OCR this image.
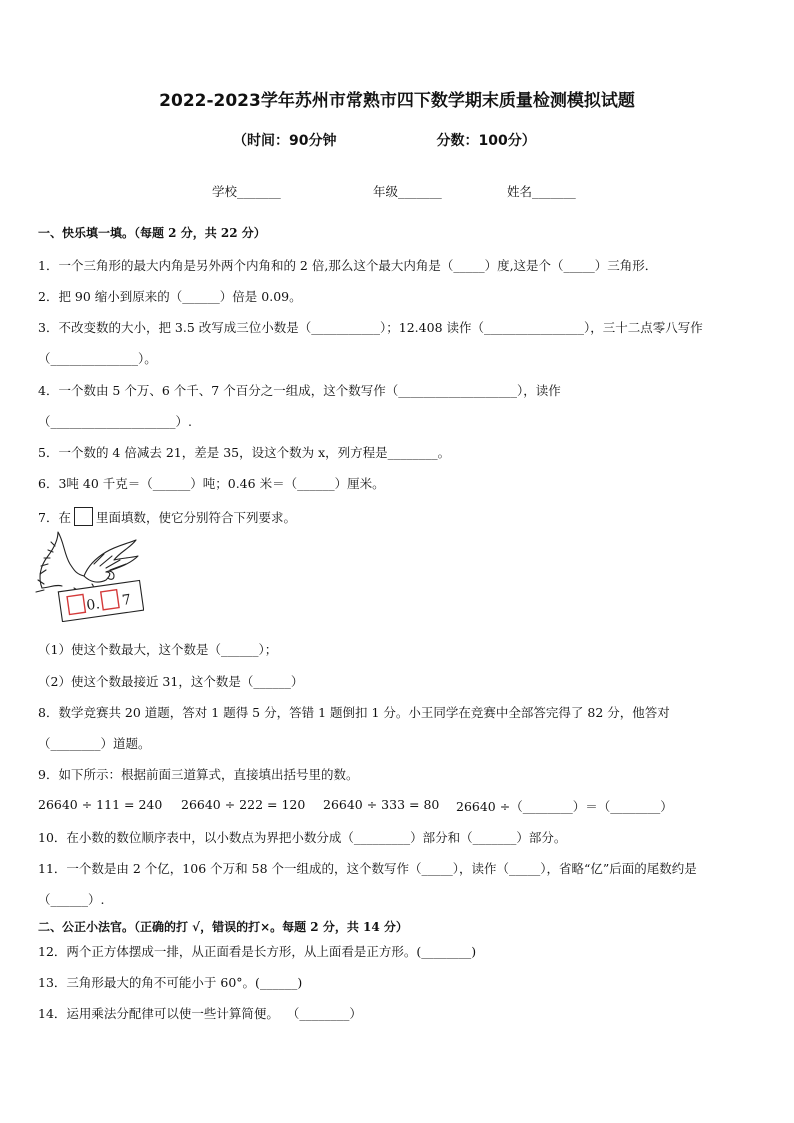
2022-2023学年苏州市常熟市四下数学期末质量检测模拟试题
（时间：90分钟	分数：100分）
学校_______	年级_______	姓名_______
一、快乐填一填。（每题 2 分，共 22 分）
1．一个三角形的最大内角是另外两个内角和的 2 倍,那么这个最大内角是（_____）度,这是个（_____）三角形．
2．把 90 缩小到原来的（______）倍是 0.09。
3．不改变数的大小，把 3.5 改写成三位小数是（___________）；12.408 读作（________________），三十二点零八写作
（______________）。
4．一个数由 5 个万、6 个千、7 个百分之一组成，这个数写作（___________________），读作
（____________________）.
5．一个数的 4 倍减去 21，差是 35，设这个数为 x，列方程是________。
6．3吨 40 千克＝（______）吨；0.46 米＝（______）厘米。
7．在 里面填数，使它分别符合下列要求。
0. 7
（1）使这个数最大，这个数是（______）；
（2）使这个数最接近 31，这个数是（______）
8．数学竞赛共 20 道题，答对 1 题得 5 分，答错 1 题倒扣 1 分。小王同学在竞赛中全部答完得了 82 分，他答对
（________）道题。
9．如下所示：根据前面三道算式，直接填出括号里的数。
26640 ÷ 111 = 240 26640 ÷ 222 = 120 26640 ÷ 333 = 80 26640 ÷（________）＝（________）
10．在小数的数位顺序表中，以小数点为界把小数分成（_________）部分和（_______）部分。
11．一个数是由 2 个亿，106 个万和 58 个一组成的，这个数写作（_____），读作（_____），省略“亿”后面的尾数约是
（______）.
二、公正小法官。（正确的打 √，错误的打×。每题 2 分，共 14 分）
12．两个正方体摆成一排，从正面看是长方形，从上面看是正方形。(________)
13．三角形最大的角不可能小于 60°。(______)
14．运用乘法分配律可以使一些计算简便。  （________）
